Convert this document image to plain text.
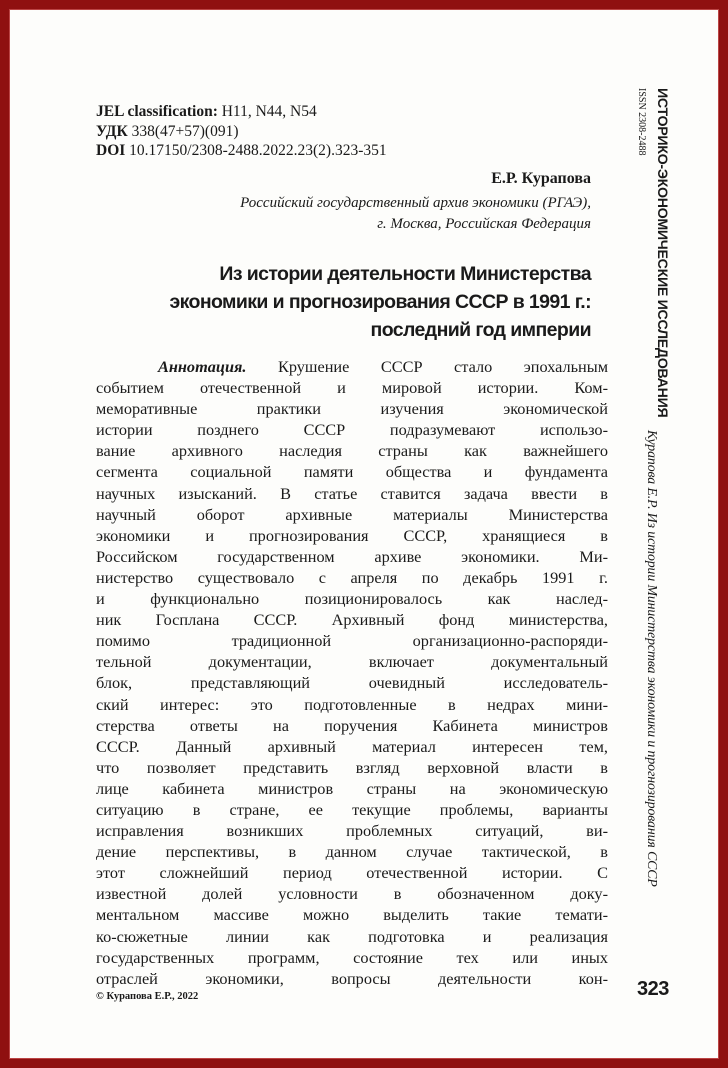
JEL classification: H11, N44, N54
УДК 338(47+57)(091)
DOI 10.17150/2308-2488.2022.23(2).323-351
Е.Р. Курапова
Российский государственный архив экономики (РГАЭ),
г. Москва, Российская Федерация
Из истории деятельности Министерства
экономики и прогнозирования СССР в 1991 г.:
последний год империи

Аннотация. Крушение СССР стало эпохальным

событием отечественной и мировой истории. Ком-

меморативные практики изучения экономической

истории позднего СССР подразумевают использо-

вание архивного наследия страны как важнейшего

сегмента социальной памяти общества и фундамента

научных изысканий. В статье ставится задача ввести в

научный оборот архивные материалы Министерства

экономики и прогнозирования СССР, хранящиеся в

Российском государственном архиве экономики. Ми-

нистерство существовало с апреля по декабрь 1991 г.

и функционально позиционировалось как наслед-

ник Госплана СССР. Архивный фонд министерства,

помимо традиционной организационно-распоряди-

тельной документации, включает документальный

блок, представляющий очевидный исследователь-

ский интерес: это подготовленные в недрах мини-

стерства ответы на поручения Кабинета министров

СССР. Данный архивный материал интересен тем,

что позволяет представить взгляд верховной власти в

лице кабинета министров страны на экономическую

ситуацию в стране, ее текущие проблемы, варианты

исправления возникших проблемных ситуаций, ви-

дение перспективы, в данном случае тактической, в

этот сложнейший период отечественной истории. С

известной долей условности в обозначенном доку-

ментальном массиве можно выделить такие темати-

ко-сюжетные линии как подготовка и реализация

государственных программ, состояние тех или иных

отраслей экономики, вопросы деятельности кон-

© Курапова Е.Р., 2022
ИСТОРИКО-ЭКОНОМИЧЕСКИЕ ИССЛЕДОВАНИЯ
ISSN 2308-2488
Курапова Е.Р. Из истории Министерства экономики и прогнозирования СССР
323
